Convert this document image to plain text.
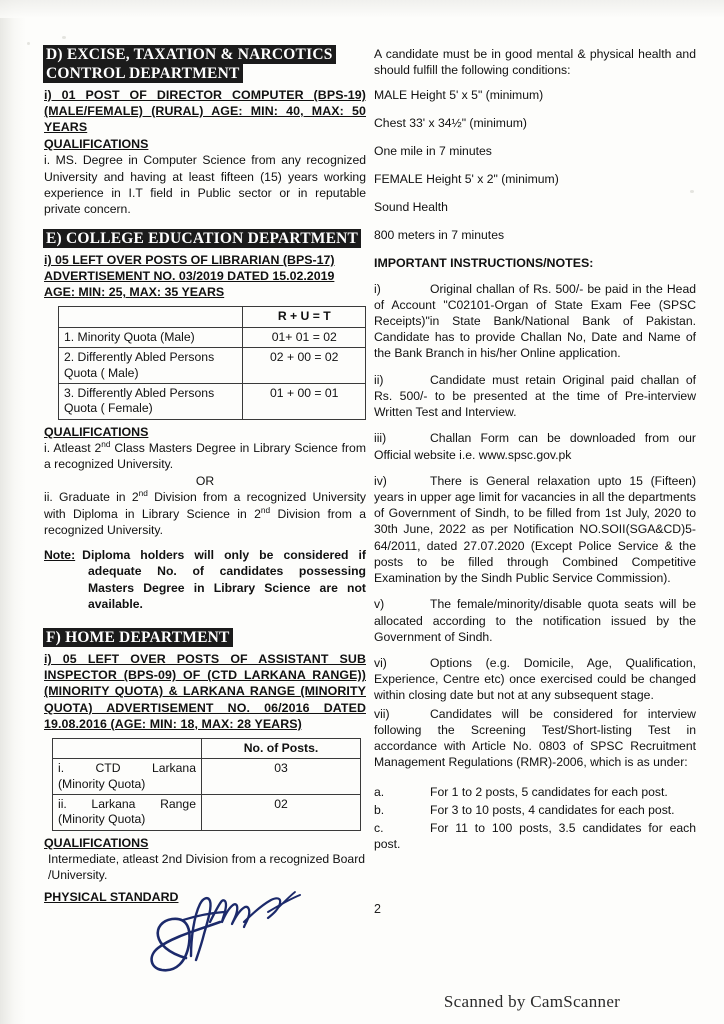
D) EXCISE, TAXATION & NARCOTICS
CONTROL DEPARTMENT

i) 01 POST OF DIRECTOR COMPUTER (BPS-19) (MALE/FEMALE) (RURAL) AGE: MIN: 40, MAX: 50 YEARS

QUALIFICATIONS

i. MS. Degree in Computer Science from any recognized University and having at least fifteen (15) years working experience in I.T field in Public sector or in reputable private concern.

E) COLLEGE EDUCATION DEPARTMENT

i) 05 LEFT OVER POSTS OF LIBRARIAN (BPS-17)

ADVERTISEMENT NO. 03/2019 DATED 15.02.2019

AGE: MIN: 25, MAX: 35 YEARS

	R + U = T
1. Minority Quota (Male)	01+ 01 = 02
2. Differently Abled Persons Quota ( Male)	02 + 00 = 02
3. Differently Abled Persons Quota ( Female)	01 + 00 = 01

QUALIFICATIONS

i. Atleast 2nd Class Masters Degree in Library Science from a recognized University.

OR

ii. Graduate in 2nd Division from a recognized University with Diploma in Library Science in 2nd Division from a recognized University.

Note: Diploma holders will only be considered if adequate No. of candidates possessing Masters Degree in Library Science are not available.

F) HOME DEPARTMENT

i) 05 LEFT OVER POSTS OF ASSISTANT SUB INSPECTOR (BPS-09) OF (CTD LARKANA RANGE)) (MINORITY QUOTA) & LARKANA RANGE (MINORITY QUOTA) ADVERTISEMENT NO. 06/2016 DATED 19.08.2016 (AGE: MIN: 18, MAX: 28 YEARS)

	No. of Posts.

i. CTD Larkana
(Minority Quota)	03

ii. Larkana Range
(Minority Quota)	02

QUALIFICATIONS

Intermediate, atleast 2nd Division from a recognized Board /University.

PHYSICAL STANDARD

A candidate must be in good mental & physical health and should fulfill the following conditions:

MALE Height 5' x 5" (minimum)

Chest 33' x 34½" (minimum)

One mile in 7 minutes

FEMALE Height 5' x 2" (minimum)

Sound Health

800 meters in 7 minutes

IMPORTANT INSTRUCTIONS/NOTES:

i)	Original challan of Rs. 500/- be paid in the Head of Account "C02101-Organ of State Exam Fee (SPSC Receipts)"in State Bank/National Bank of Pakistan. Candidate has to provide Challan No, Date and Name of the Bank Branch in his/her Online application.

ii)	Candidate must retain Original paid challan of Rs. 500/- to be presented at the time of Pre-interview Written Test and Interview.

iii)	Challan Form can be downloaded from our Official website i.e. www.spsc.gov.pk

iv)	There is General relaxation upto 15 (Fifteen) years in upper age limit for vacancies in all the departments of Government of Sindh, to be filled from 1st July, 2020 to 30th June, 2022 as per Notification NO.SOII(SGA&CD)5-64/2011, dated 27.07.2020 (Except Police Service & the posts to be filled through Combined Competitive Examination by the Sindh Public Service Commission).

v)	The female/minority/disable quota seats will be allocated according to the notification issued by the Government of Sindh.

vi)	Options (e.g. Domicile, Age, Qualification, Experience, Centre etc) once exercised could be changed within closing date but not at any subsequent stage.

vii)	Candidates will be considered for interview following the Screening Test/Short-listing Test in accordance with Article No. 0803 of SPSC Recruitment Management Regulations (RMR)-2006, which is as under:

a.	For 1 to 2 posts, 5 candidates for each post.

b.	For 3 to 10 posts, 4 candidates for each post.

c.	For 11 to 100 posts, 3.5 candidates for each post.

2
Scanned by CamScanner
